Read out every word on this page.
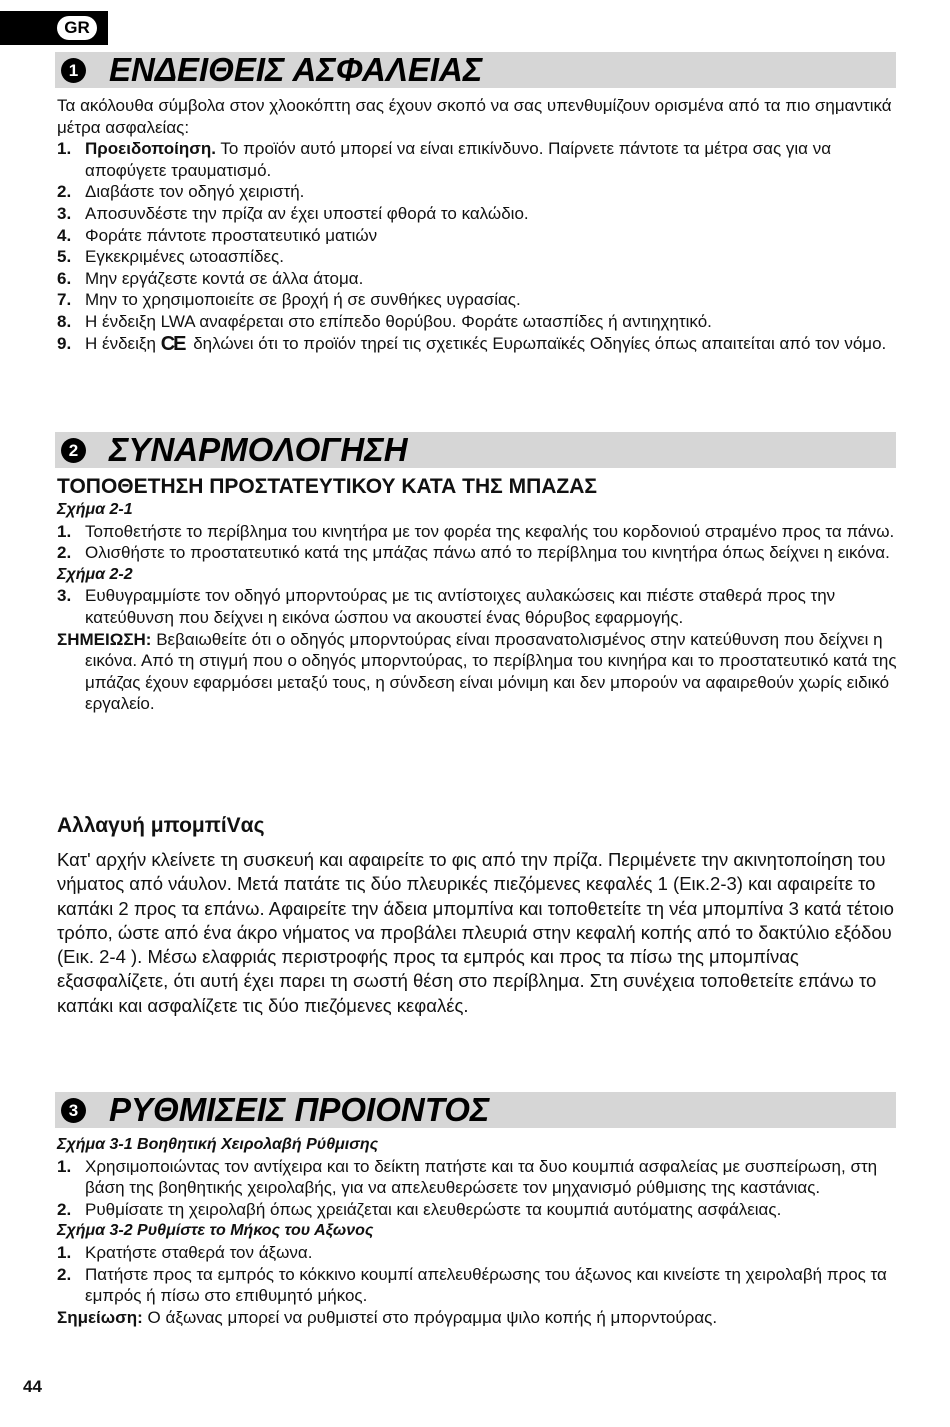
GR
1 ΕΝΔΕΙΘΕΙΣ ΑΣΦΑΛΕΙΑΣ

Τα ακόλουθα σύμβολα στον χλοοκόπτη σας έχουν σκοπό να σας υπενθυμίζουν ορισμένα από τα πιο σημαντικά μέτρα ασφαλείας:

1. Προειδοποίηση. Το προϊόν αυτό μπορεί να είναι επικίνδυνο. Παίρνετε πάντοτε τα μέτρα σας για να αποφύγετε τραυματισμό.
2. Διαβάστε τον οδηγό χειριστή.
3. Αποσυνδέστε την πρίζα αν έχει υποστεί φθορά το καλώδιο.
4. Φοράτε πάντοτε προστατευτικό ματιών
5. Εγκεκριμένες ωτοασπίδες.
6. Μην εργάζεστε κοντά σε άλλα άτομα.
7. Μην το χρησιμοποιείτε σε βροχή ή σε συνθήκες υγρασίας.
8. Η ένδειξη LWA αναφέρεται στο επίπεδο θορύβου. Φοράτε ωτασπίδες ή αντιηχητικό.
9. Η ένδειξη CE δηλώνει ότι το προϊόν τηρεί τις σχετικές Ευρωπαϊκές Οδηγίες όπως απαιτείται από τον νόμο.
2 ΣΥΝΑΡΜΟΛΟΓΗΣΗ
ΤΟΠΟΘΕΤΗΣΗ ΠΡΟΣΤΑΤΕΥΤΙΚΟΥ ΚΑΤΑ ΤΗΣ ΜΠΑΖΑΣ
Σχήμα 2-1
1. Τοποθετήστε το περίβλημα του κινητήρα με τον φορέα της κεφαλής του κορδονιού στραμένο προς τα πάνω.
2. Ολισθήστε το προστατευτικό κατά της μπάζας πάνω από το περίβλημα του κινητήρα όπως δείχνει η εικόνα.
Σχήμα 2-2
3. Ευθυγραμμίστε τον οδηγό μπορντούρας με τις αντίστοιχες αυλακώσεις και πιέστε σταθερά προς την κατεύθυνση που δείχνει η εικόνα ώσπου να ακουστεί ένας θόρυβος εφαρμογής.
ΣΗΜΕΙΩΣΗ: Βεβαιωθείτε ότι ο οδηγός μπορντούρας είναι προσανατολισμένος στην κατεύθυνση που δείχνει η εικόνα. Από τη στιγμή που ο οδηγός μπορντούρας, το περίβλημα του κινηήρα και το προστατευτικό κατά της μπάζας έχουν εφαρμόσει μεταξύ τους, η σύνδεση είναι μόνιμη και δεν μπορούν να αφαιρεθούν χωρίς ειδικό εργαλείο.
Αλλαγυή μπομπίVας

Κατ' αρχήν κλείνετε τη συσκευή και αφαιρείτε το φις από την πρίζα. Περιμένετε την ακινητοποίηση του νήματος από νάυλον. Μετά πατάτε τις δύο πλευρικές πιεζόμενες κεφαλές 1 (Εικ.2-3) και αφαιρείτε το καπάκι 2 προς τα επάνω. Αφαιρείτε την άδεια μπομπίνα και τοποθετείτε τη νέα μπομπίνα 3 κατά τέτοιο τρόπο, ώστε από ένα άκρο νήματος να προβάλει πλευριά στην κεφαλή κοπής από το δακτύλιο εξόδου (Εικ. 2-4 ). Μέσω ελαφριάς περιστροφής προς τα εμπρός και προς τα πίσω της μπομπίνας εξασφαλίζετε, ότι αυτή έχει παρει τη σωστή θέση στο περίβλημα. Στη συνέχεια τοποθετείτε επάνω το καπάκι και ασφαλίζετε τις δύο πιεζόμενες κεφαλές.

3 ΡΥΘΜΙΣΕΙΣ ΠΡΟΙΟΝΤΟΣ
Σχήμα 3-1 Βοηθητική Χειρολαβή Ρύθμισης
1. Χρησιμοποιώντας τον αντίχειρα και το δείκτη πατήστε και τα δυο κουμπιά ασφαλείας με συσπείρωση, στη βάση της βοηθητικής χειρολαβής, για να απελευθερώσετε τον μηχανισμό ρύθμισης της καστάνιας.
2. Ρυθμίσατε τη χειρολαβή όπως χρειάζεται και ελευθερώστε τα κουμπιά αυτόματης ασφάλειας.
Σχήμα 3-2 Ρυθμίστε το Μήκος του Αξωνος
1. Κρατήστε σταθερά τον άξωνα.
2. Πατήστε προς τα εμπρός το κόκκινο κουμπί απελευθέρωσης του άξωνος και κινείστε τη χειρολαβή προς τα εμπρός ή πίσω στο επιθυμητό μήκος.
Σημείωση: Ο άξωνας μπορεί να ρυθμιστεί στο πρόγραμμα ψιλο κοπής ή μπορντούρας.
44
